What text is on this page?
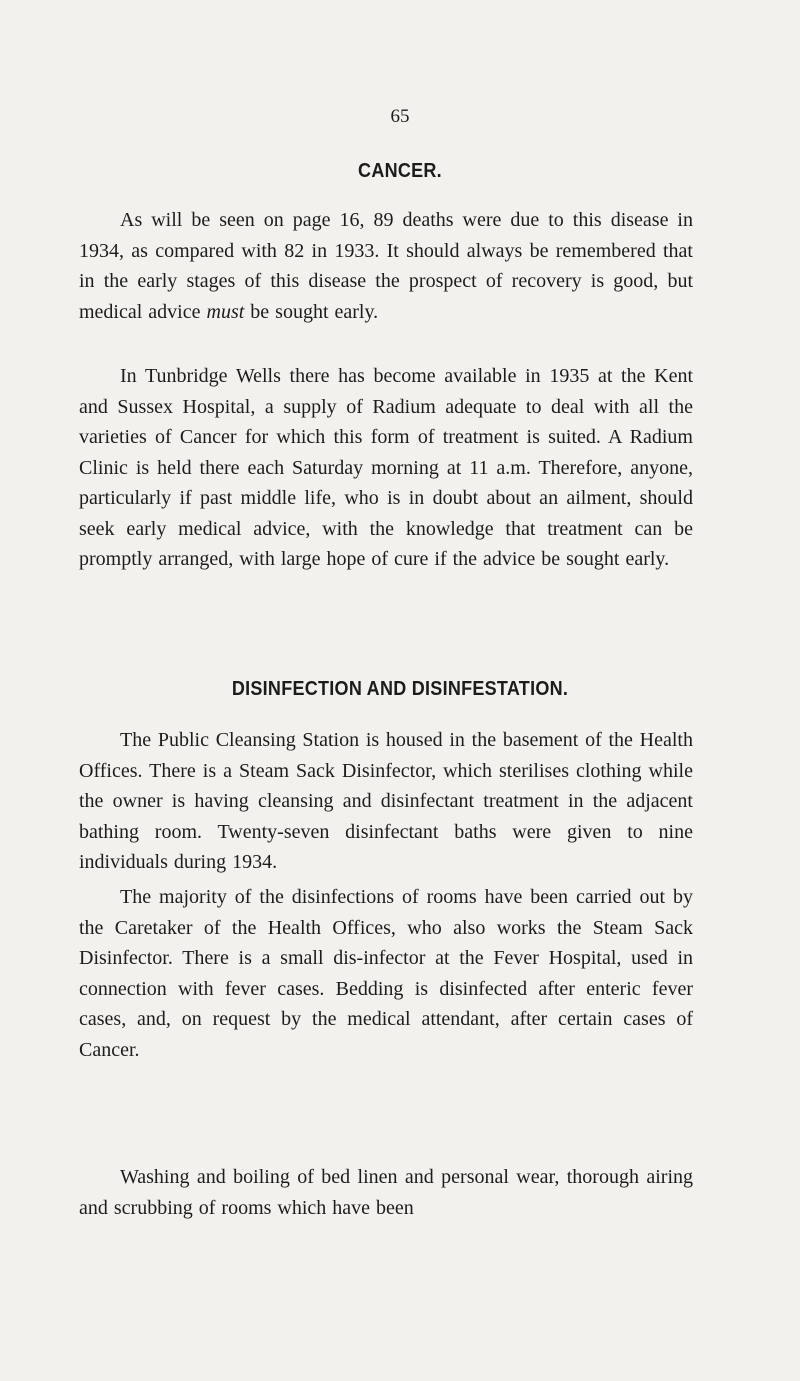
65
CANCER.

As will be seen on page 16, 89 deaths were due to this disease in 1934, as compared with 82 in 1933. It should always be remembered that in the early stages of this disease the prospect of recovery is good, but medical advice must be sought early.

In Tunbridge Wells there has become available in 1935 at the Kent and Sussex Hospital, a supply of Radium adequate to deal with all the varieties of Cancer for which this form of treatment is suited. A Radium Clinic is held there each Saturday morning at 11 a.m. Therefore, anyone, particularly if past middle life, who is in doubt about an ailment, should seek early medical advice, with the knowledge that treatment can be promptly arranged, with large hope of cure if the advice be sought early.

DISINFECTION AND DISINFESTATION.

The Public Cleansing Station is housed in the basement of the Health Offices. There is a Steam Sack Disinfector, which sterilises clothing while the owner is having cleansing and disinfectant treatment in the adjacent bathing room. Twenty-seven disinfectant baths were given to nine individuals during 1934.

The majority of the disinfections of rooms have been carried out by the Caretaker of the Health Offices, who also works the Steam Sack Disinfector. There is a small dis-infector at the Fever Hospital, used in connection with fever cases. Bedding is disinfected after enteric fever cases, and, on request by the medical attendant, after certain cases of Cancer.

Washing and boiling of bed linen and personal wear, thorough airing and scrubbing of rooms which have been
